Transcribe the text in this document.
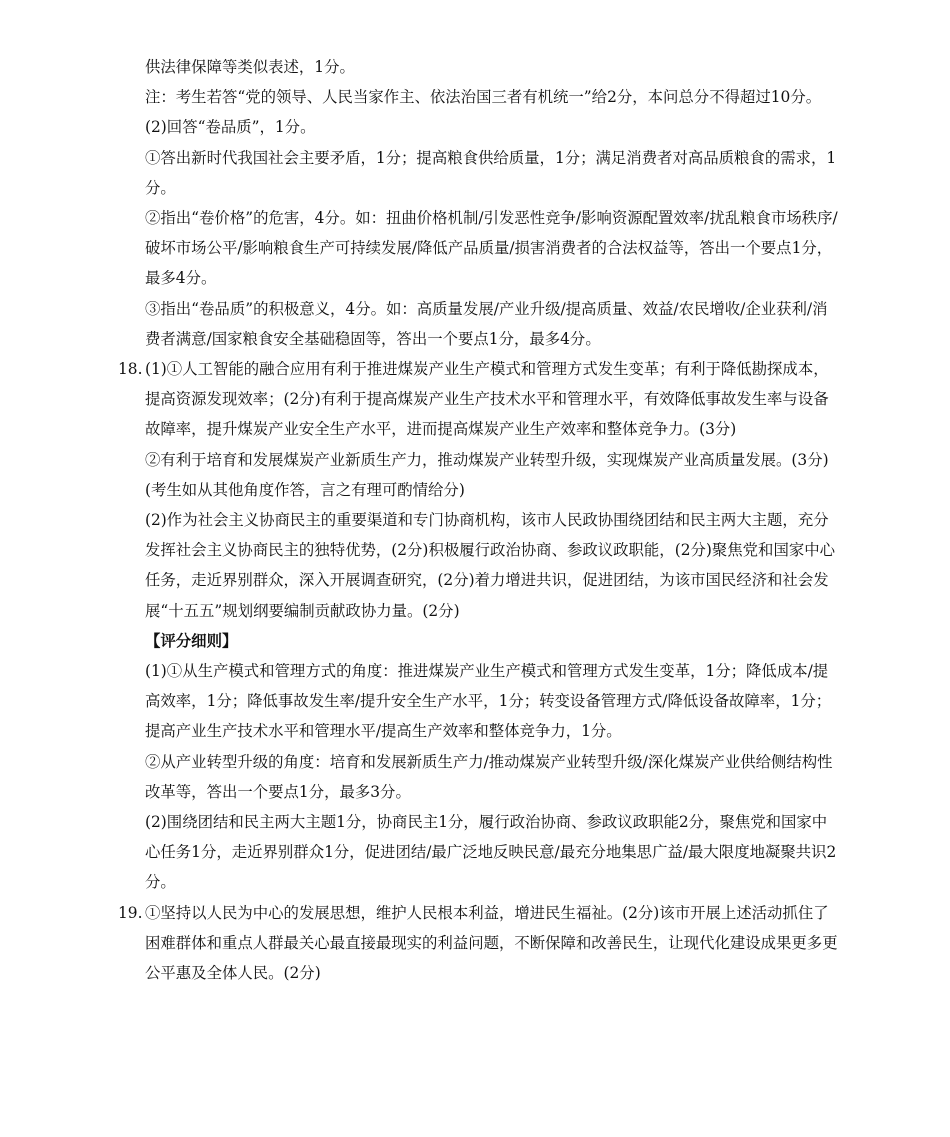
供法律保障等类似表述，1分。

注：考生若答“党的领导、人民当家作主、依法治国三者有机统一”给2分，本问总分不得超过10分。

(2)回答“卷品质”，1分。

①答出新时代我国社会主要矛盾，1分；提高粮食供给质量，1分；满足消费者对高品质粮食的需求，1分。

②指出“卷价格”的危害，4分。如：扭曲价格机制/引发恶性竞争/影响资源配置效率/扰乱粮食市场秩序/破坏市场公平/影响粮食生产可持续发展/降低产品质量/损害消费者的合法权益等，答出一个要点1分，最多4分。

③指出“卷品质”的积极意义，4分。如：高质量发展/产业升级/提高质量、效益/农民增收/企业获利/消费者满意/国家粮食安全基础稳固等，答出一个要点1分，最多4分。

18. (1)①人工智能的融合应用有利于推进煤炭产业生产模式和管理方式发生变革；有利于降低勘探成本，提高资源发现效率；(2分)有利于提高煤炭产业生产技术水平和管理水平，有效降低事故发生率与设备故障率，提升煤炭产业安全生产水平，进而提高煤炭产业生产效率和整体竞争力。(3分)

②有利于培育和发展煤炭产业新质生产力，推动煤炭产业转型升级，实现煤炭产业高质量发展。(3分)(考生如从其他角度作答，言之有理可酌情给分)

(2)作为社会主义协商民主的重要渠道和专门协商机构，该市人民政协围绕团结和民主两大主题，充分发挥社会主义协商民主的独特优势，(2分)积极履行政治协商、参政议政职能，(2分)聚焦党和国家中心任务，走近界别群众，深入开展调查研究，(2分)着力增进共识，促进团结，为该市国民经济和社会发展“十五五”规划纲要编制贡献政协力量。(2分)

【评分细则】

(1)①从生产模式和管理方式的角度：推进煤炭产业生产模式和管理方式发生变革，1分；降低成本/提高效率，1分；降低事故发生率/提升安全生产水平，1分；转变设备管理方式/降低设备故障率，1分；提高产业生产技术水平和管理水平/提高生产效率和整体竞争力，1分。

②从产业转型升级的角度：培育和发展新质生产力/推动煤炭产业转型升级/深化煤炭产业供给侧结构性改革等，答出一个要点1分，最多3分。

(2)围绕团结和民主两大主题1分，协商民主1分，履行政治协商、参政议政职能2分，聚焦党和国家中心任务1分，走近界别群众1分，促进团结/最广泛地反映民意/最充分地集思广益/最大限度地凝聚共识2分。

19. ①坚持以人民为中心的发展思想，维护人民根本利益，增进民生福祉。(2分)该市开展上述活动抓住了困难群体和重点人群最关心最直接最现实的利益问题，不断保障和改善民生，让现代化建设成果更多更公平惠及全体人民。(2分)
